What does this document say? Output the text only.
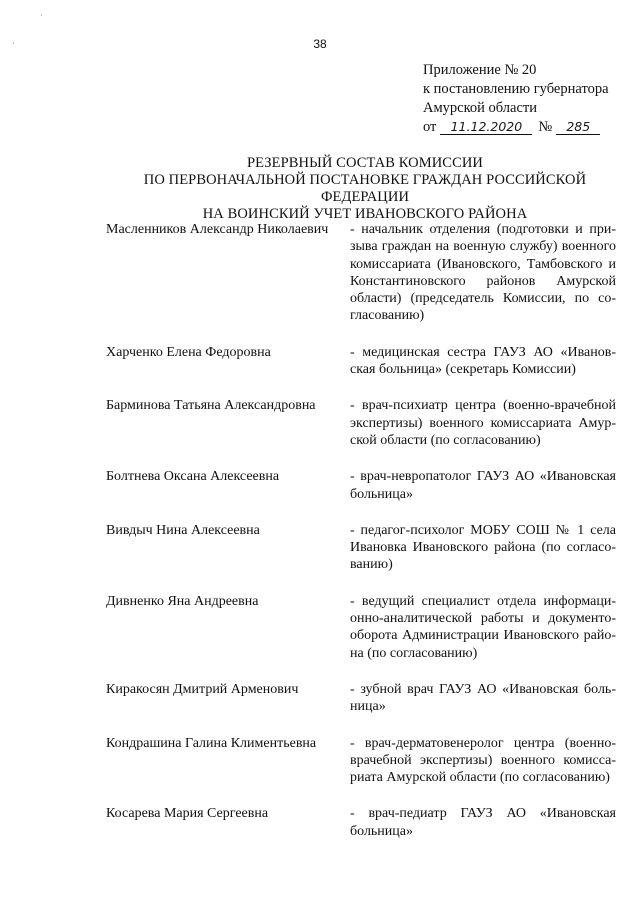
·
·	38
Приложение № 20
к постановлению губернатора
Амурской области
от	11.12.2020	№	285
РЕЗЕРВНЫЙ СОСТАВ КОМИССИИ
ПО ПЕРВОНАЧАЛЬНОЙ ПОСТАНОВКЕ ГРАЖДАН РОССИЙСКОЙ ФЕДЕРАЦИИ
НА ВОИНСКИЙ УЧЕТ ИВАНОВСКОГО РАЙОНА
Масленников Александр Николаевич	- начальник отделения (подготовки и призыва граждан на военную службу) военного комиссариата (Ивановского, Тамбовского и Константиновского районов Амурской области) (председатель Комиссии, по согласованию)
Харченко Елена Федоровна	- медицинская сестра ГАУЗ АО «Ивановская больница» (секретарь Комиссии)
Барминова Татьяна Александровна	- врач-психиатр центра (военно-врачебной экспертизы) военного комиссариата Амурской области (по согласованию)
Болтнева Оксана Алексеевна	- врач-невропатолог ГАУЗ АО «Ивановская больница»
Вивдыч Нина Алексеевна	- педагог-психолог МОБУ СОШ № 1 села Ивановка Ивановского района (по согласованию)
Дивненко Яна Андреевна	- ведущий специалист отдела информационно-аналитической работы и документооборота Администрации Ивановского района (по согласованию)
Киракосян Дмитрий Арменович	- зубной врач ГАУЗ АО «Ивановская больница»
Кондрашина Галина Климентьевна	- врач-дерматовенеролог центра (военноврачебной экспертизы) военного комиссариата Амурской области (по согласованию)
Косарева Мария Сергеевна	- врач-педиатр ГАУЗ АО «Ивановская больница»
